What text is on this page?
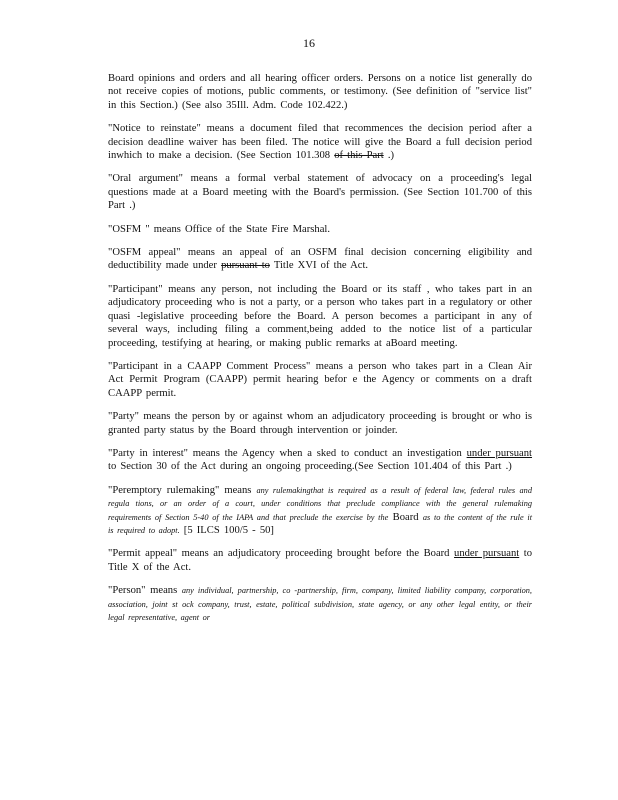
16

Board opinions and orders and all hearing officer orders. Persons on a notice list generally do not receive copies of motions, public comments, or testimony. (See definition of "service list" in this Section.) (See also 35Ill. Adm. Code 102.422.)

"Notice to reinstate" means a document filed that recommences the decision period after a decision deadline waiver has been filed. The notice will give the Board a full decision period inwhich to make a decision. (See Section 101.308 of this Part .)

"Oral argument" means a formal verbal statement of advocacy on a proceeding's legal questions made at a Board meeting with the Board's permission. (See Section 101.700 of this Part .)

"OSFM " means Office of the State Fire Marshal.

"OSFM appeal" means an appeal of an OSFM final decision concerning eligibility and deductibility made under pursuant to Title XVI of the Act.

"Participant" means any person, not including the Board or its staff , who takes part in an adjudicatory proceeding who is not a party, or a person who takes part in a regulatory or other quasi -legislative proceeding before the Board. A person becomes a participant in any of several ways, including filing a comment,being added to the notice list of a particular proceeding, testifying at hearing, or making public remarks at aBoard meeting.

"Participant in a CAAPP Comment Process" means a person who takes part in a Clean Air Act Permit Program (CAAPP) permit hearing befor e the Agency or comments on a draft CAAPP permit.

"Party" means the person by or against whom an adjudicatory proceeding is brought or who is granted party status by the Board through intervention or joinder.

"Party in interest" means the Agency when a sked to conduct an investigation under pursuant to Section 30 of the Act during an ongoing proceeding.(See Section 101.404 of this Part .)

"Peremptory rulemaking" means any rulemakingthat is required as a result of federal law, federal rules and regula tions, or an order of a court, under conditions that preclude compliance with the general rulemaking requirements of Section 5-40 of the IAPA and that preclude the exercise by the Board as to the content of the rule it is required to adopt. [5 ILCS 100/5 - 50]

"Permit appeal" means an adjudicatory proceeding brought before the Board under pursuant to Title X of the Act.

"Person" means any individual, partnership, co -partnership, firm, company, limited liability company, corporation, association, joint st ock company, trust, estate, political subdivision, state agency, or any other legal entity, or their legal representative, agent or
